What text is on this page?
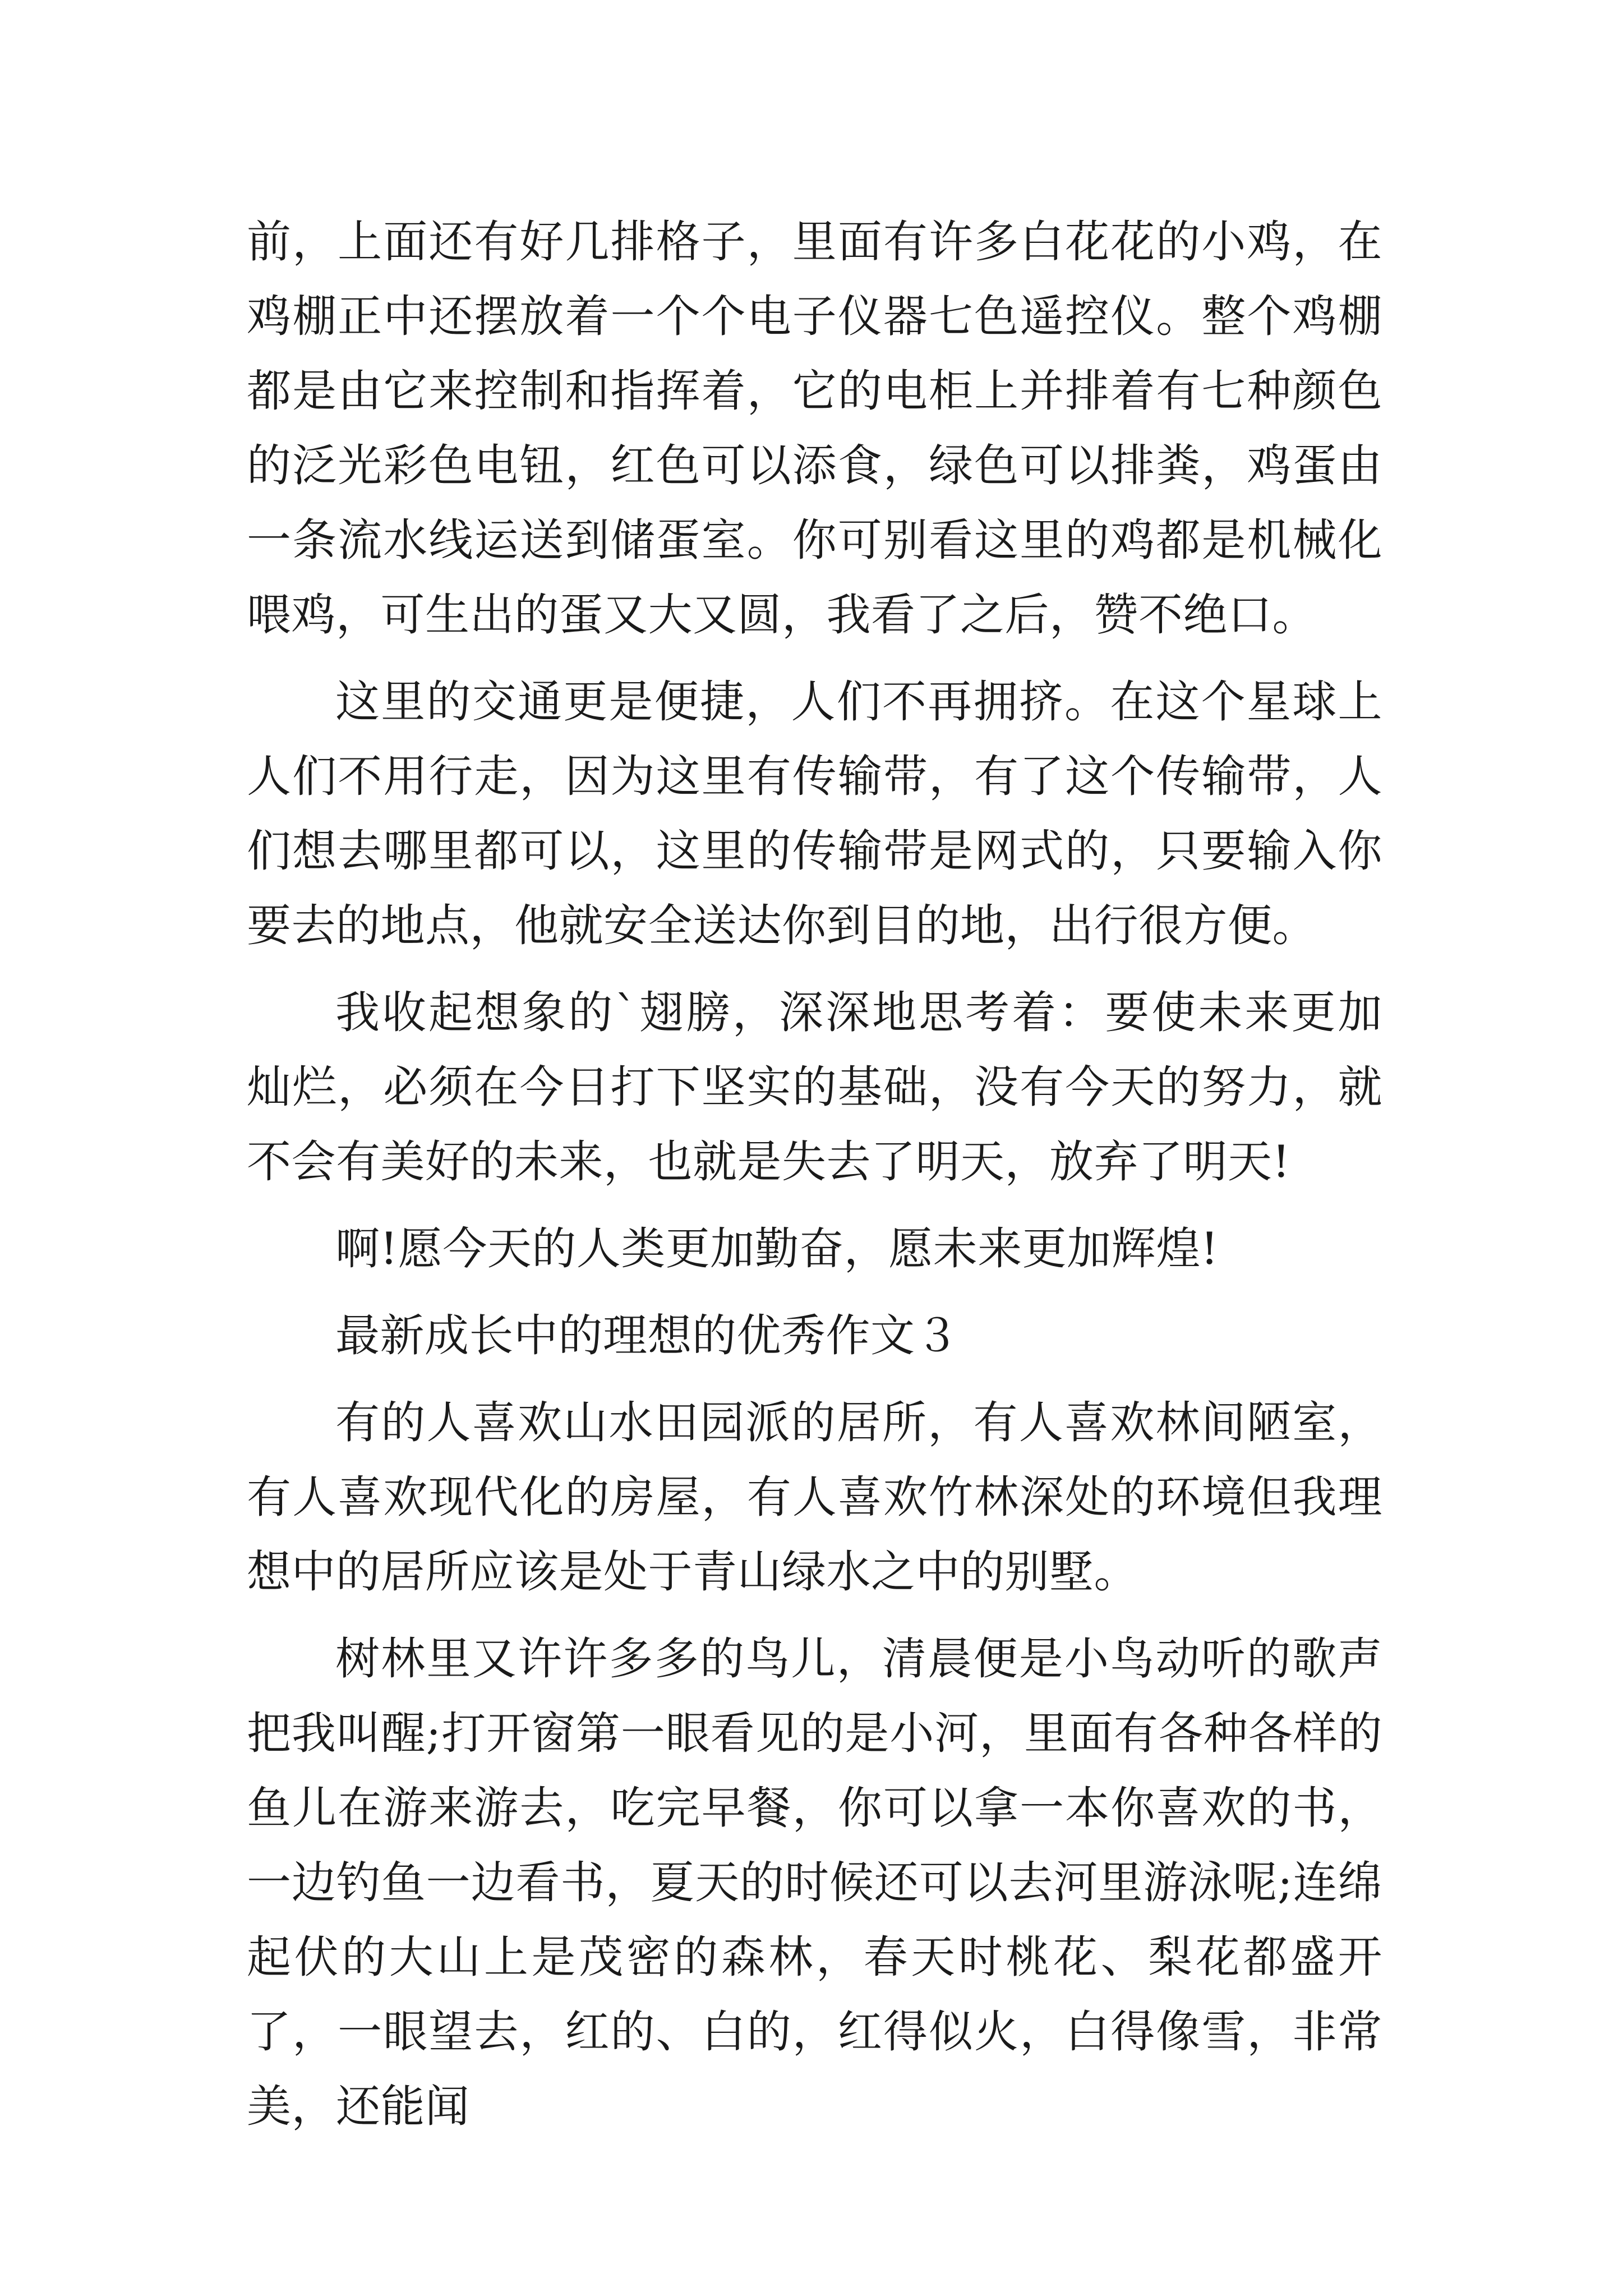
前，上面还有好几排格子，里面有许多白花花的小鸡，在鸡棚正中还摆放着一个个电子仪器七色遥控仪。整个鸡棚都是由它来控制和指挥着，它的电柜上并排着有七种颜色的泛光彩色电钮，红色可以添食，绿色可以排粪，鸡蛋由一条流水线运送到储蛋室。你可别看这里的鸡都是机械化喂鸡，可生出的蛋又大又圆，我看了之后，赞不绝口。

这里的交通更是便捷，人们不再拥挤。在这个星球上人们不用行走，因为这里有传输带，有了这个传输带，人们想去哪里都可以，这里的传输带是网式的，只要输入你要去的地点，他就安全送达你到目的地，出行很方便。

我收起想象的`翅膀，深深地思考着：要使未来更加灿烂，必须在今日打下坚实的基础，没有今天的努力，就不会有美好的未来，也就是失去了明天，放弃了明天!

啊!愿今天的人类更加勤奋，愿未来更加辉煌!

最新成长中的理想的优秀作文３

有的人喜欢山水田园派的居所，有人喜欢林间陋室，有人喜欢现代化的房屋，有人喜欢竹林深处的环境但我理想中的居所应该是处于青山绿水之中的别墅。

树林里又许许多多的鸟儿，清晨便是小鸟动听的歌声把我叫醒;打开窗第一眼看见的是小河，里面有各种各样的鱼儿在游来游去，吃完早餐，你可以拿一本你喜欢的书，一边钓鱼一边看书，夏天的时候还可以去河里游泳呢;连绵起伏的大山上是茂密的森林，春天时桃花、梨花都盛开了，一眼望去，红的、白的，红得似火，白得像雪，非常美，还能闻
